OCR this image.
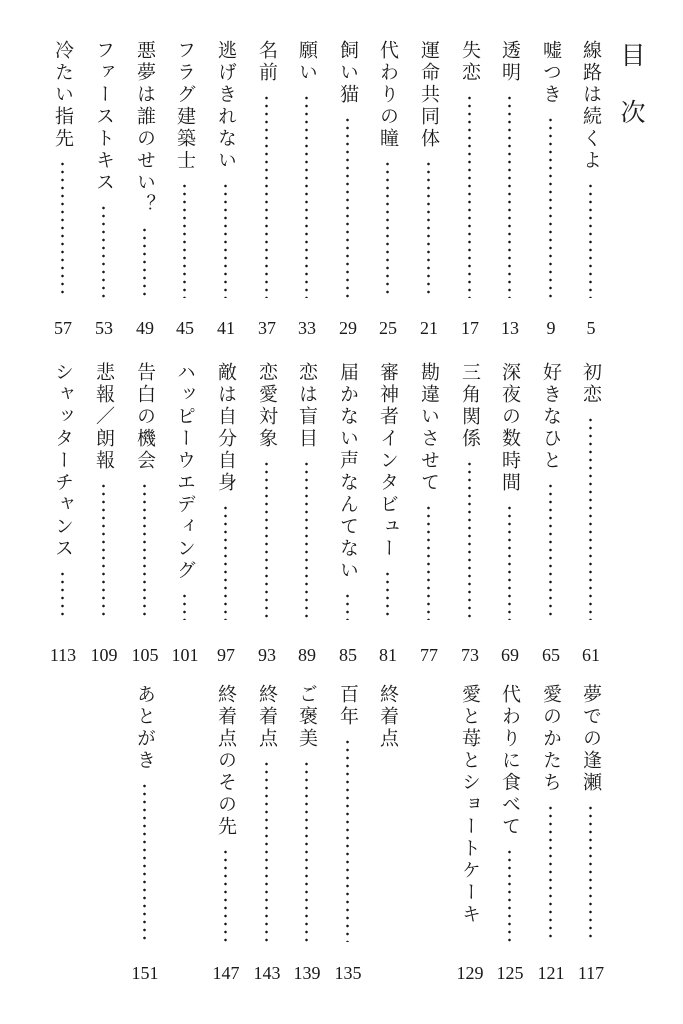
目 次
線路は続くよ
5
嘘つき
9
透明
13
失恋
17
運命共同体
21
代わりの瞳
25
飼い猫
29
願い
33
名前
37
逃げきれない
41
フラグ建築士
45
悪夢は誰のせい？
49
ファーストキス
53
冷たい指先
57
初恋
61
好きなひと
65
深夜の数時間
69
三角関係
73
勘違いさせて
77
審神者インタビュー
81
届かない声なんてない
85
恋は盲目
89
恋愛対象
93
敵は自分自身
97
ハッピーウエディング
101
告白の機会
105
悲報／朗報
109
シャッターチャンス
113
夢での逢瀬
117
愛のかたち
121
代わりに食べて
125
愛と苺とショートケーキ
129
終着点
百年
135
ご褒美
139
終着点
143
終着点のその先
147
あとがき
151
